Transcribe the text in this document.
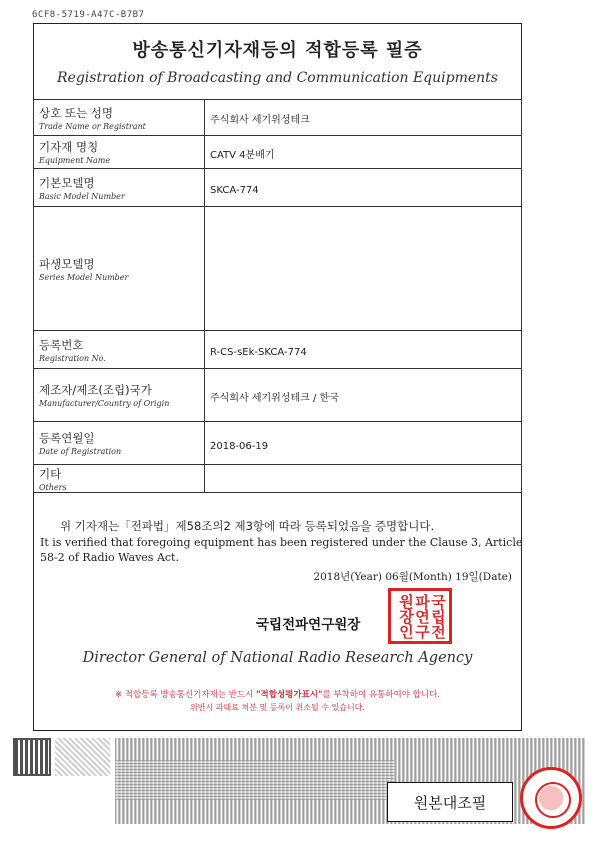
6CF8-5719-A47C-B7B7
방송통신기자재등의 적합등록 필증
Registration of Broadcasting and Communication Equipments
상호 또는 성명
Trade Name or Registrant	주식회사 세기위성테크

기자재 명칭
Equipment Name	CATV 4분배기

기본모델명
Basic Model Number	SKCA-774

파생모델명
Series Model Number	

등록번호
Registration No.	R-CS-sEk-SKCA-774

제조자/제조(조립)국가
Manufacturer/Country of Origin	주식회사 세기위성테크 / 한국

등록연월일
Date of Registration	2018-06-19

기타
Others	

위 기자재는「전파법」제58조의2 제3항에 따라 등록되었음을 증명합니다.
It is verified that foregoing equipment has been registered under the Clause 3, Article 58-2 of Radio Waves Act.
2018년(Year) 06월(Month) 19일(Date)
국립전파연구원장	국립전파연구원장인
Director General of National Radio Research Agency
※ 적합등록 방송통신기자재는 반드시 "적합성평가표시"를 부착하여 유통하여야 합니다.
위반시 과태료 처분 및 등록이 취소될 수 있습니다.
원본대조필
